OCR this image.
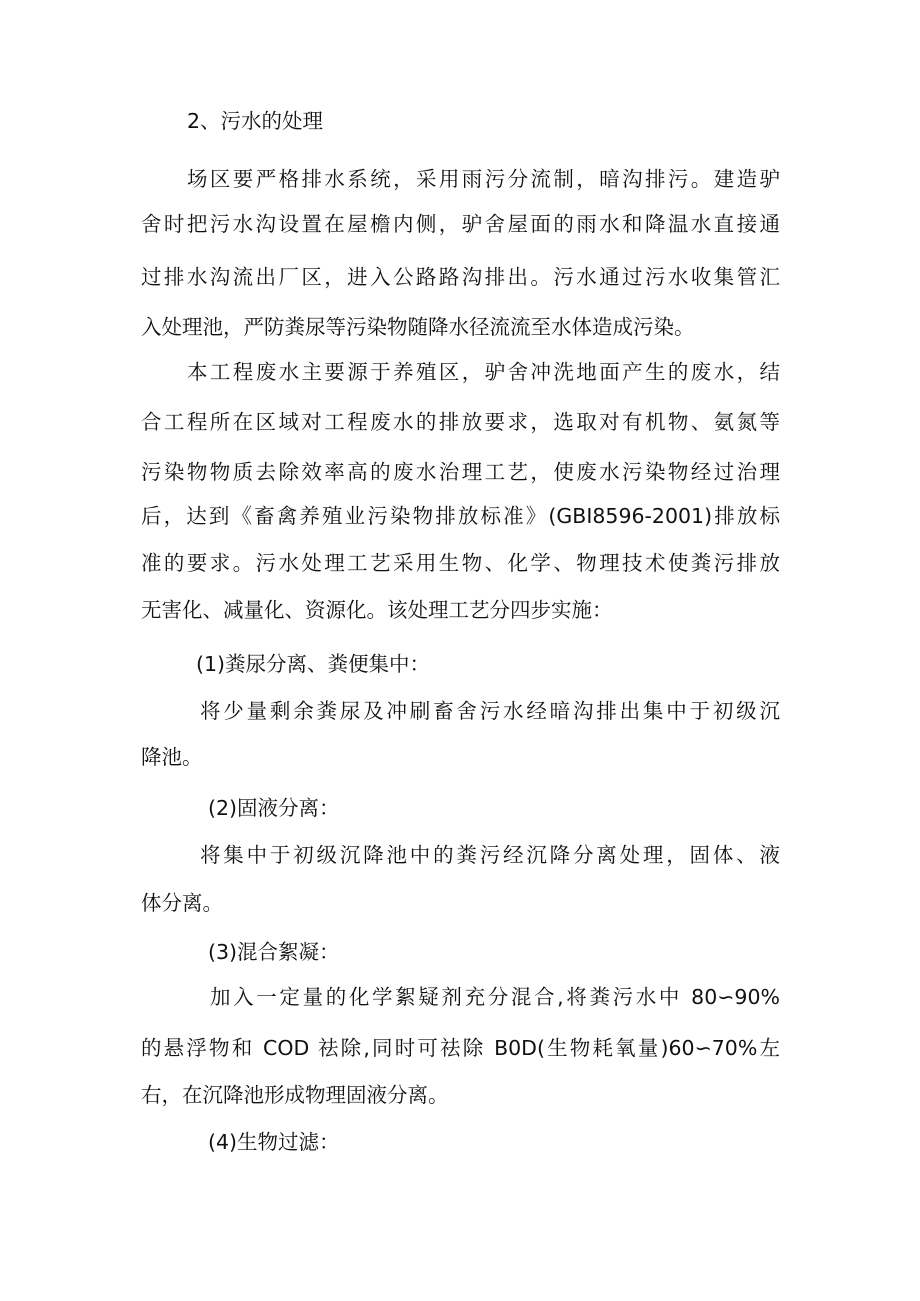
2、污水的处理
场区要严格排水系统，采用雨污分流制，暗沟排污。建造驴
舍时把污水沟设置在屋檐内侧，驴舍屋面的雨水和降温水直接通
过排水沟流出厂区，进入公路路沟排出。污水通过污水收集管汇
入处理池，严防粪尿等污染物随降水径流流至水体造成污染。
本工程废水主要源于养殖区，驴舍冲洗地面产生的废水，结
合工程所在区域对工程废水的排放要求，选取对有机物、氨氮等
污染物物质去除效率高的废水治理工艺，使废水污染物经过治理
后，达到《畜禽养殖业污染物排放标准》(GBI8596-2001)排放标
准的要求。污水处理工艺采用生物、化学、物理技术使粪污排放
无害化、减量化、资源化。该处理工艺分四步实施：
(1)粪尿分离、粪便集中：
将少量剩余粪尿及冲刷畜舍污水经暗沟排出集中于初级沉
降池。
(2)固液分离：
将集中于初级沉降池中的粪污经沉降分离处理，固体、液
体分离。
(3)混合絮凝：
加入一定量的化学絮疑剂充分混合,将粪污水中 80∽90%
的悬浮物和 COD 祛除,同时可祛除 B0D(生物耗氧量)60∽70%左
右，在沉降池形成物理固液分离。
(4)生物过滤：
